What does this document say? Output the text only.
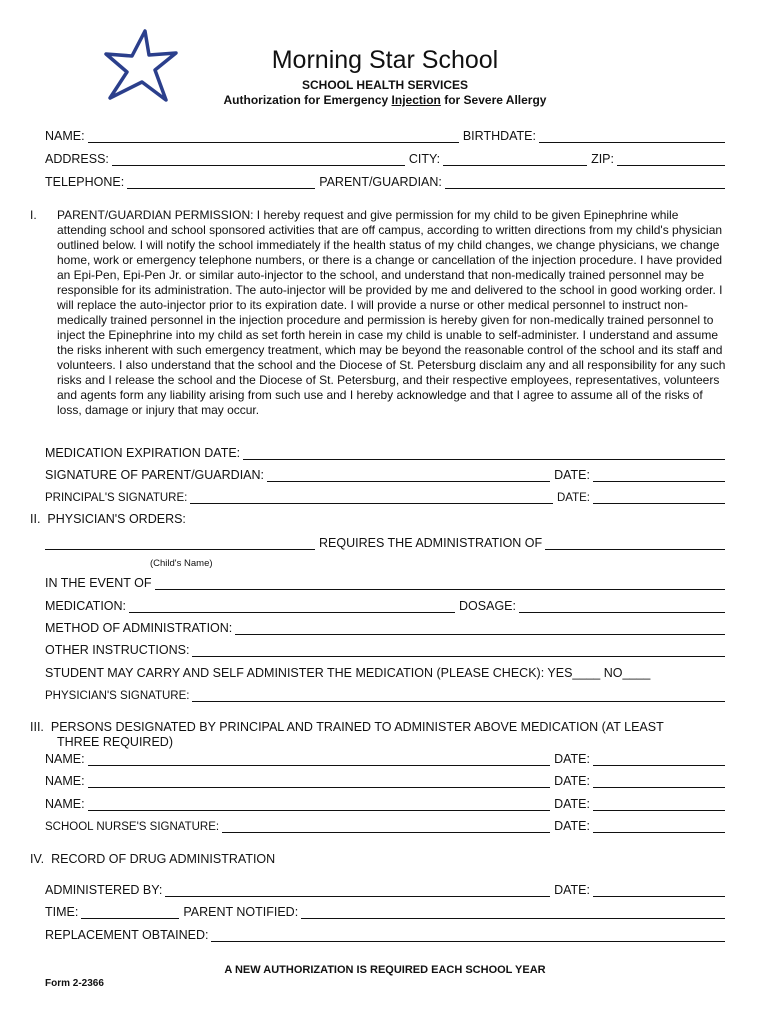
Morning Star School
SCHOOL HEALTH SERVICES
Authorization for Emergency Injection for Severe Allergy
NAME:	BIRTHDATE:
ADDRESS:	CITY:	ZIP:
TELEPHONE:	PARENT/GUARDIAN:
I. PARENT/GUARDIAN PERMISSION: I hereby request and give permission for my child to be given Epinephrine while attending school and school sponsored activities that are off campus, according to written directions from my child's physician outlined below. I will notify the school immediately if the health status of my child changes, we change physicians, we change home, work or emergency telephone numbers, or there is a change or cancellation of the injection procedure. I have provided an Epi-Pen, Epi-Pen Jr. or similar auto-injector to the school, and understand that non-medically trained personnel may be responsible for its administration. The auto-injector will be provided by me and delivered to the school in good working order. I will replace the auto-injector prior to its expiration date. I will provide a nurse or other medical personnel to instruct non-medically trained personnel in the injection procedure and permission is hereby given for non-medically trained personnel to inject the Epinephrine into my child as set forth herein in case my child is unable to self-administer. I understand and assume the risks inherent with such emergency treatment, which may be beyond the reasonable control of the school and its staff and volunteers. I also understand that the school and the Diocese of St. Petersburg disclaim any and all responsibility for any such risks and I release the school and the Diocese of St. Petersburg, and their respective employees, representatives, volunteers and agents form any liability arising from such use and I hereby acknowledge and that I agree to assume all of the risks of loss, damage or injury that may occur.
MEDICATION EXPIRATION DATE:
SIGNATURE OF PARENT/GUARDIAN:	DATE:
PRINCIPAL'S SIGNATURE:	DATE:
II. PHYSICIAN'S ORDERS:
REQUIRES THE ADMINISTRATION OF
(Child's Name)
IN THE EVENT OF
MEDICATION:	DOSAGE:
METHOD OF ADMINISTRATION:
OTHER INSTRUCTIONS:
STUDENT MAY CARRY AND SELF ADMINISTER THE MEDICATION (PLEASE CHECK): YES____ NO____
PHYSICIAN'S SIGNATURE:
III. PERSONS DESIGNATED BY PRINCIPAL AND TRAINED TO ADMINISTER ABOVE MEDICATION (AT LEAST
THREE REQUIRED)
NAME:	DATE:
NAME:	DATE:
NAME:	DATE:
SCHOOL NURSE'S SIGNATURE:	DATE:
IV. RECORD OF DRUG ADMINISTRATION
ADMINISTERED BY:	DATE:
TIME:	PARENT NOTIFIED:
REPLACEMENT OBTAINED:
A NEW AUTHORIZATION IS REQUIRED EACH SCHOOL YEAR
Form 2-2366
